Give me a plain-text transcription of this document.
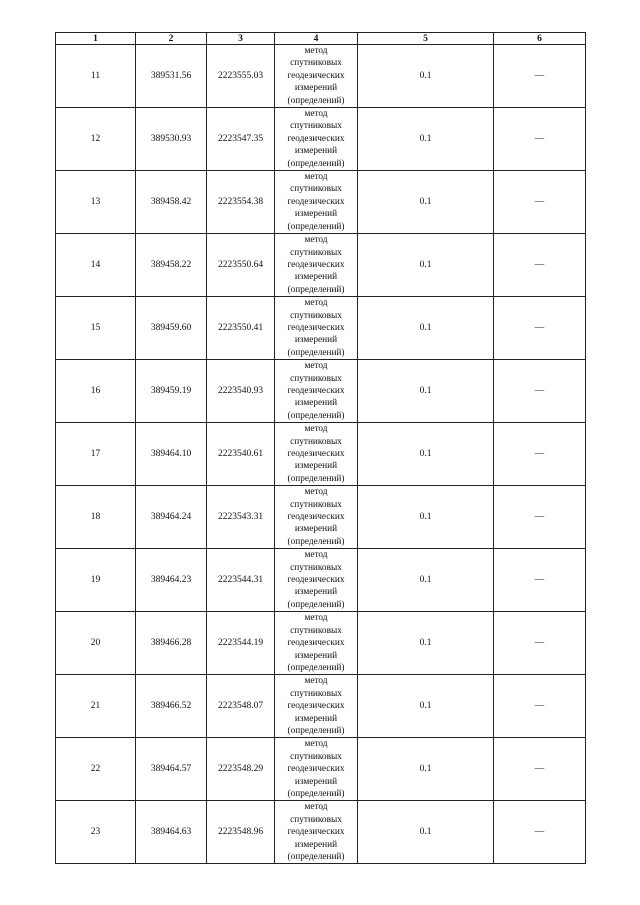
1	2	3	4	5	6
11	389531.56	2223555.03	метод
спутниковых
геодезических
измерений
(определений)	0.1	—
12	389530.93	2223547.35	метод
спутниковых
геодезических
измерений
(определений)	0.1	—
13	389458.42	2223554.38	метод
спутниковых
геодезических
измерений
(определений)	0.1	—
14	389458.22	2223550.64	метод
спутниковых
геодезических
измерений
(определений)	0.1	—
15	389459.60	2223550.41	метод
спутниковых
геодезических
измерений
(определений)	0.1	—
16	389459.19	2223540.93	метод
спутниковых
геодезических
измерений
(определений)	0.1	—
17	389464.10	2223540.61	метод
спутниковых
геодезических
измерений
(определений)	0.1	—
18	389464.24	2223543.31	метод
спутниковых
геодезических
измерений
(определений)	0.1	—
19	389464.23	2223544.31	метод
спутниковых
геодезических
измерений
(определений)	0.1	—
20	389466.28	2223544.19	метод
спутниковых
геодезических
измерений
(определений)	0.1	—
21	389466.52	2223548.07	метод
спутниковых
геодезических
измерений
(определений)	0.1	—
22	389464.57	2223548.29	метод
спутниковых
геодезических
измерений
(определений)	0.1	—
23	389464.63	2223548.96	метод
спутниковых
геодезических
измерений
(определений)	0.1	—
